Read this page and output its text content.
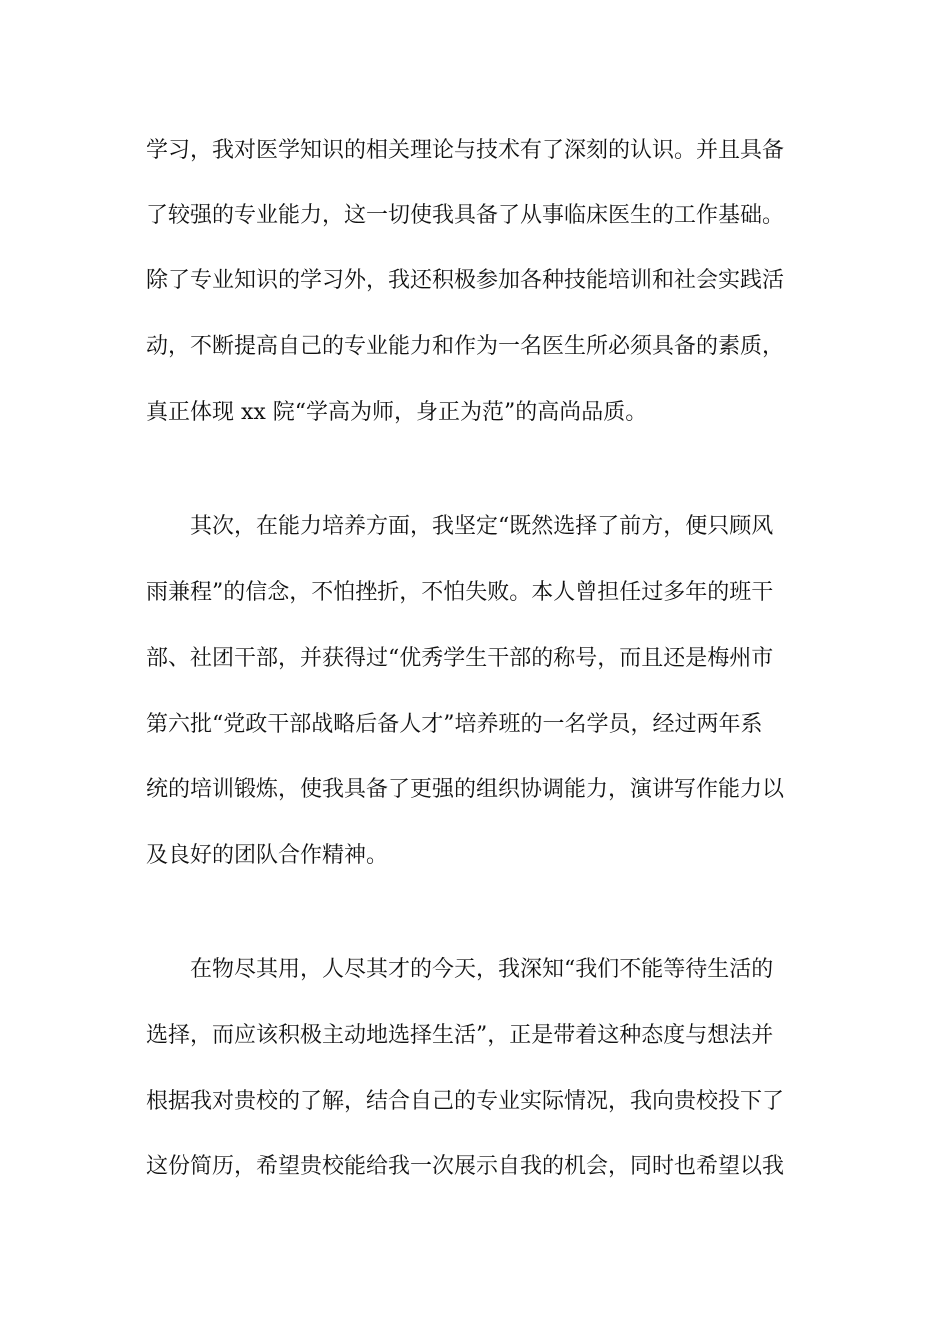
学习，我对医学知识的相关理论与技术有了深刻的认识。并且具备
了较强的专业能力，这一切使我具备了从事临床医生的工作基础。
除了专业知识的学习外，我还积极参加各种技能培训和社会实践活
动，不断提高自己的专业能力和作为一名医生所必须具备的素质，
真正体现 xx 院“学高为师，身正为范”的高尚品质。
其次，在能力培养方面，我坚定“既然选择了前方，便只顾风
雨兼程”的信念，不怕挫折，不怕失败。本人曾担任过多年的班干
部、社团干部，并获得过“优秀学生干部的称号，而且还是梅州市
第六批“党政干部战略后备人才”培养班的一名学员，经过两年系
统的培训锻炼，使我具备了更强的组织协调能力，演讲写作能力以
及良好的团队合作精神。
在物尽其用，人尽其才的今天，我深知“我们不能等待生活的
选择，而应该积极主动地选择生活”，正是带着这种态度与想法并
根据我对贵校的了解，结合自己的专业实际情况，我向贵校投下了
这份简历，希望贵校能给我一次展示自我的机会，同时也希望以我
